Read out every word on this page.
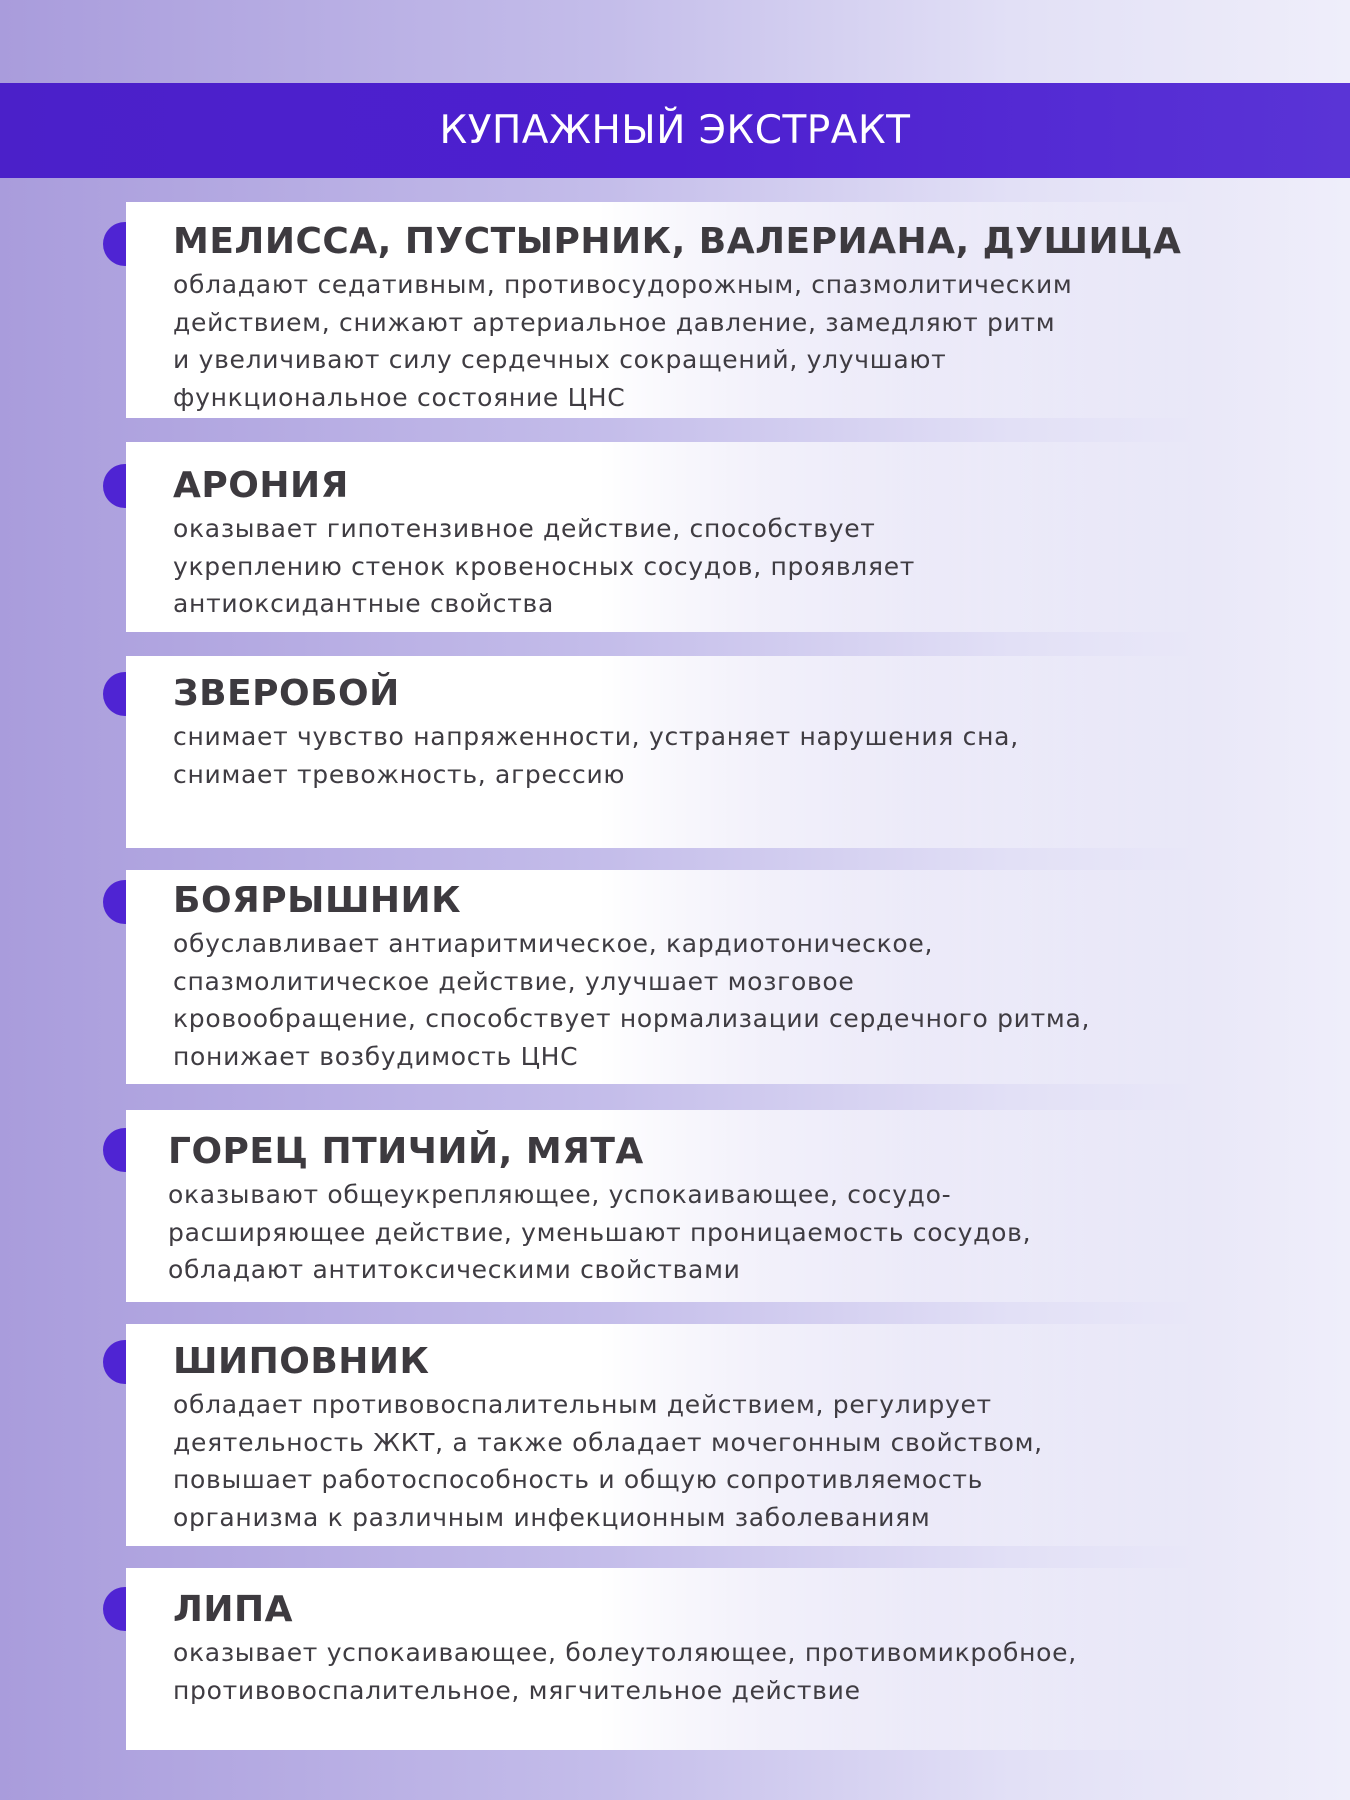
КУПАЖНЫЙ ЭКСТРАКТ
МЕЛИССА, ПУСТЫРНИК, ВАЛЕРИАНА, ДУШИЦА
обладают седативным, противосудорожным, спазмолитическим
действием, снижают артериальное давление, замедляют ритм
и увеличивают силу сердечных сокращений, улучшают
функциональное состояние ЦНС
АРОНИЯ
оказывает гипотензивное действие, способствует
укреплению стенок кровеносных сосудов, проявляет
антиоксидантные свойства
ЗВЕРОБОЙ
снимает чувство напряженности, устраняет нарушения сна,
снимает тревожность, агрессию
БОЯРЫШНИК
обуславливает антиаритмическое, кардиотоническое,
спазмолитическое действие, улучшает мозговое
кровообращение, способствует нормализации сердечного ритма,
понижает возбудимость ЦНС
ГОРЕЦ ПТИЧИЙ, МЯТА
оказывают общеукрепляющее, успокаивающее, сосудо-
расширяющее действие, уменьшают проницаемость сосудов,
обладают антитоксическими свойствами
ШИПОВНИК
обладает противовоспалительным действием, регулирует
деятельность ЖКТ, а также обладает мочегонным свойством,
повышает работоспособность и общую сопротивляемость
организма к различным инфекционным заболеваниям
ЛИПА
оказывает успокаивающее, болеутоляющее, противомикробное,
противовоспалительное, мягчительное действие
